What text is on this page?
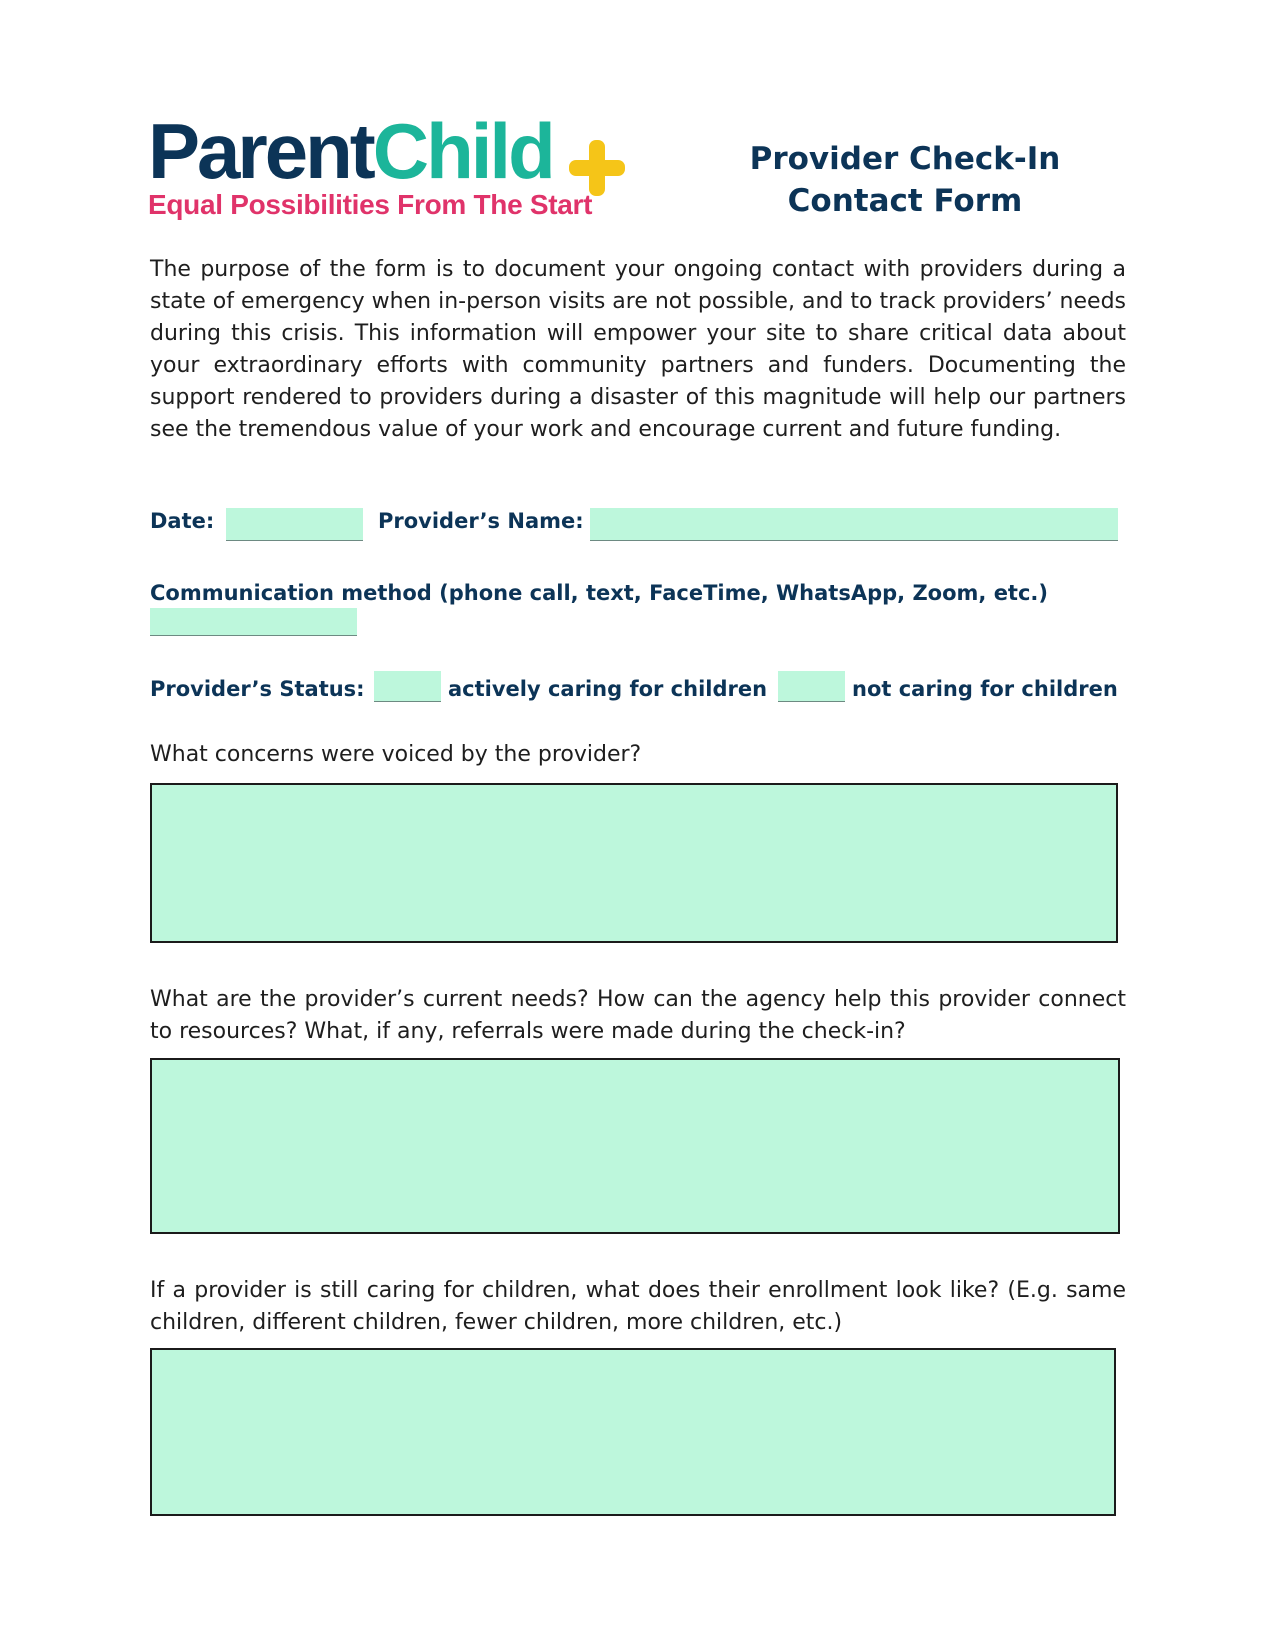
ParentChild
Equal Possibilities From The Start
Provider Check-In
Contact Form

The purpose of the form is to document your ongoing contact with providers during a state of emergency when in-person visits are not possible, and to track providers’ needs during this crisis. This information will empower your site to share critical data about your extraordinary efforts with community partners and funders. Documenting the support rendered to providers during a disaster of this magnitude will help our partners see the tremendous value of your work and encourage current and future funding.

Date:	Provider’s Name:
Communication method (phone call, text, FaceTime, WhatsApp, Zoom, etc.)
Provider’s Status:	actively caring for children	not caring for children

What concerns were voiced by the provider?

What are the provider’s current needs? How can the agency help this provider connect to resources? What, if any, referrals were made during the check-in?

If a provider is still caring for children, what does their enrollment look like? (E.g. same children, different children, fewer children, more children, etc.)
